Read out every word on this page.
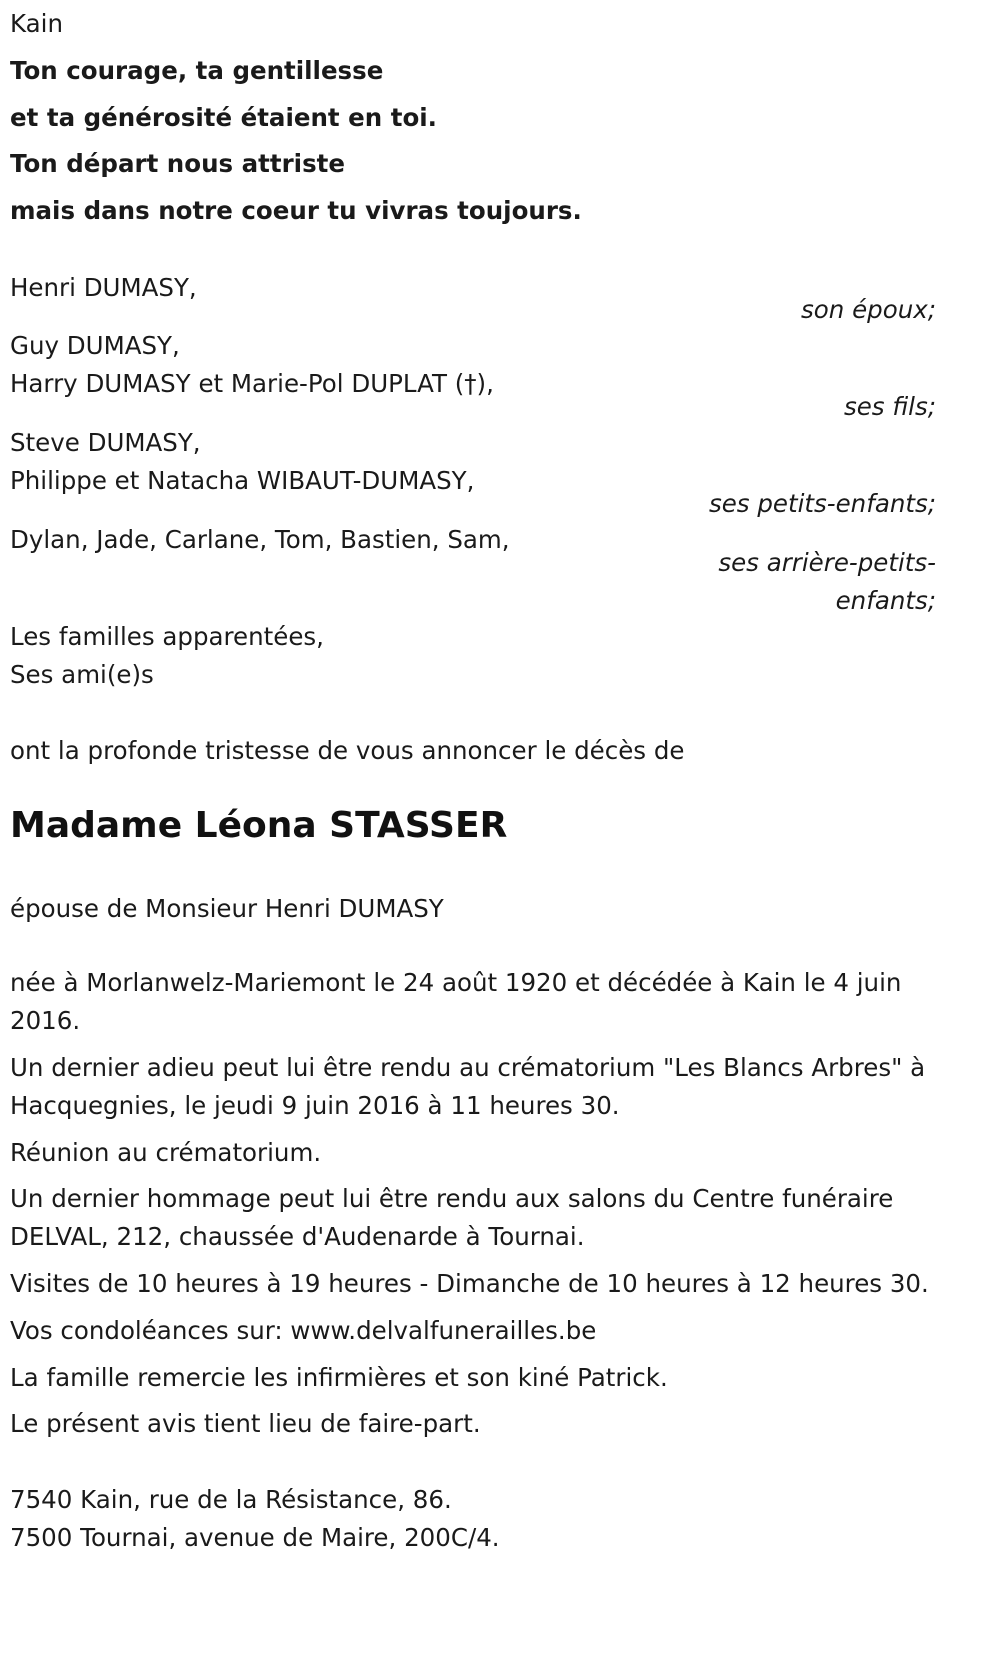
Kain
Ton courage, ta gentillesse
et ta générosité étaient en toi.
Ton départ nous attriste
mais dans notre coeur tu vivras toujours.
Henri DUMASY,
son époux;
Guy DUMASY,
Harry DUMASY et Marie-Pol DUPLAT (†),
ses fils;
Steve DUMASY,
Philippe et Natacha WIBAUT-DUMASY,
ses petits-enfants;
Dylan, Jade, Carlane, Tom, Bastien, Sam,
ses arrière-petits-
enfants;
Les familles apparentées,
Ses ami(e)s
ont la profonde tristesse de vous annoncer le décès de
Madame Léona STASSER
épouse de Monsieur Henri DUMASY
née à Morlanwelz-Mariemont le 24 août 1920 et décédée à Kain le 4 juin 2016.
Un dernier adieu peut lui être rendu au crématorium "Les Blancs Arbres" à Hacquegnies, le jeudi 9 juin 2016 à 11 heures 30.
Réunion au crématorium.
Un dernier hommage peut lui être rendu aux salons du Centre funéraire DELVAL, 212, chaussée d'Audenarde à Tournai.
Visites de 10 heures à 19 heures - Dimanche de 10 heures à 12 heures 30.
Vos condoléances sur: www.delvalfunerailles.be
La famille remercie les infirmières et son kiné Patrick.
Le présent avis tient lieu de faire-part.
7540 Kain, rue de la Résistance, 86.
7500 Tournai, avenue de Maire, 200C/4.
